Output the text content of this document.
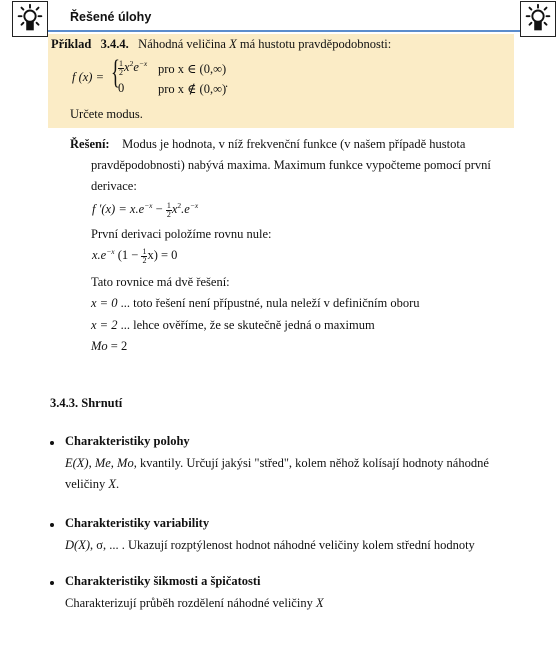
Řešené úlohy
Příklad 3.4.4. Náhodná veličina X má hustotu pravděpodobnosti:
f (x) = {
$\frac{1}{2} x^2e^{-x}$ pro x ∈ (0,∞)
0	pro x ∉ (0,∞)
.
Určete modus.
Řešení: Modus je hodnota, v níž frekvenční funkce (v našem případě hustota
pravděpodobnosti) nabývá maxima. Maximum funkce vypočteme pomocí první
derivace:
f $'(x) = x.e^{-x} - \frac{1}{2} x^2.e^{-x}$
První derivaci položíme rovnu nule:
$x.e^{-x}$ $(1 - \frac{1}{2} x) = 0$
Tato rovnice má dvě řešení:
x = 0 ... toto řešení není přípustné, nula neleží v definičním oboru
x = 2 ... lehce ověříme, že se skutečně jedná o maximum
Mo = 2
3.4.3. Shrnutí
Charakteristiky polohy
E(X), Me, Mo, kvantily. Určují jakýsi "střed", kolem něhož kolísají hodnoty náhodné
veličiny X.
Charakteristiky variability
D(X), σ, ... . Ukazují rozptýlenost hodnot náhodné veličiny kolem střední hodnoty
Charakteristiky šikmosti a špičatosti
Charakterizují průběh rozdělení náhodné veličiny X
